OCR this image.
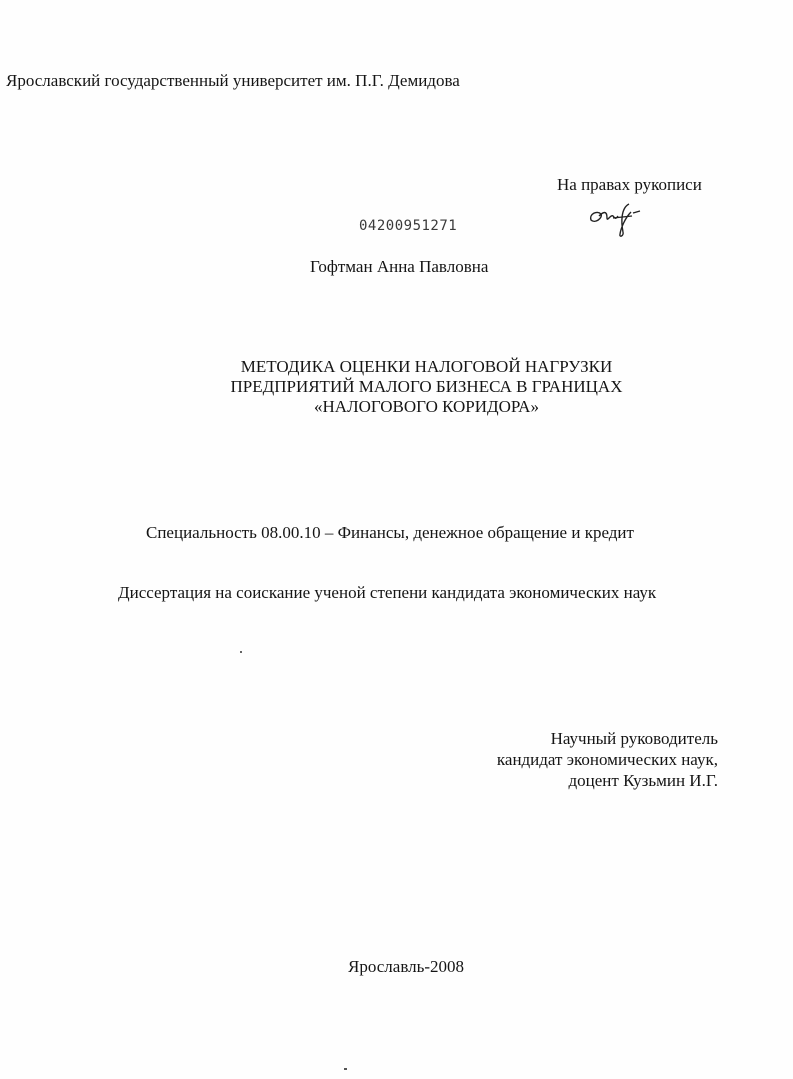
Ярославский государственный университет им. П.Г. Демидова
На правах рукописи
04200951271
Гофтман Анна Павловна
МЕТОДИКА ОЦЕНКИ НАЛОГОВОЙ НАГРУЗКИ
ПРЕДПРИЯТИЙ МАЛОГО БИЗНЕСА В ГРАНИЦАХ
«НАЛОГОВОГО КОРИДОРА»
Специальность 08.00.10 – Финансы, денежное обращение и кредит
Диссертация на соискание ученой степени кандидата экономических наук
Научный руководитель
кандидат экономических наук,
доцент Кузьмин И.Г.
Ярославль-2008
